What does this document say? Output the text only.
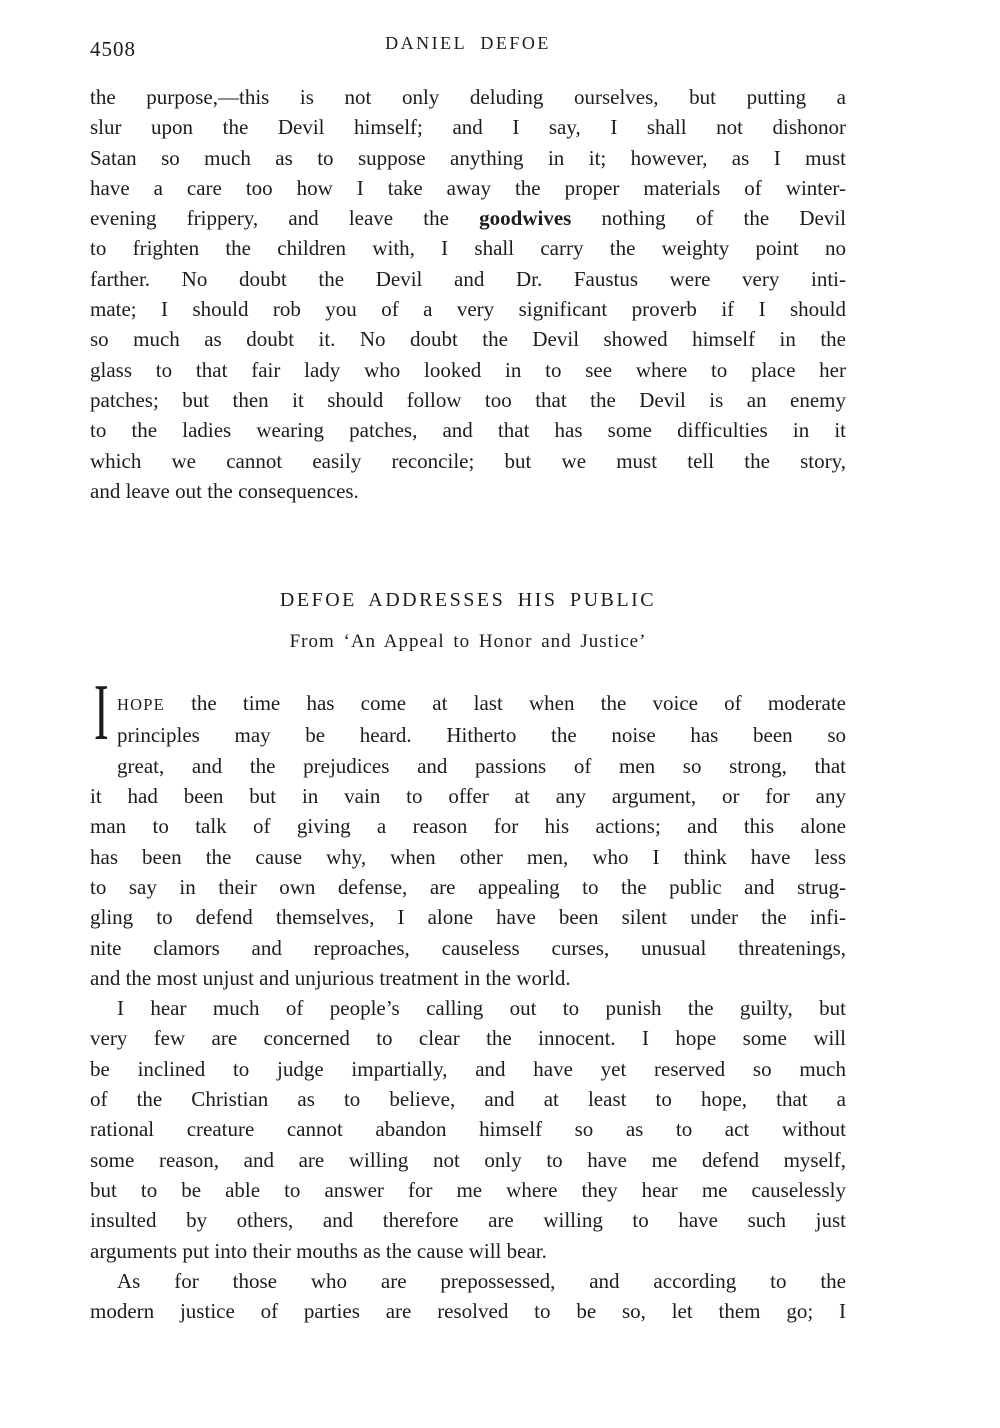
4508	DANIEL DEFOE
the purpose,—this is not only deluding ourselves, but putting a
slur upon the Devil himself; and I say, I shall not dishonor
Satan so much as to suppose anything in it; however, as I must
have a care too how I take away the proper materials of winter-
evening frippery, and leave the goodwives nothing of the Devil
to frighten the children with, I shall carry the weighty point no
farther. No doubt the Devil and Dr. Faustus were very inti-
mate; I should rob you of a very significant proverb if I should
so much as doubt it. No doubt the Devil showed himself in the
glass to that fair lady who looked in to see where to place her
patches; but then it should follow too that the Devil is an enemy
to the ladies wearing patches, and that has some difficulties in it
which we cannot easily reconcile; but we must tell the story,
and leave out the consequences.
DEFOE ADDRESSES HIS PUBLIC
From ‘An Appeal to Honor and Justice’
I HOPE the time has come at last when the voice of moderate
principles may be heard. Hitherto the noise has been so
great, and the prejudices and passions of men so strong, that
it had been but in vain to offer at any argument, or for any
man to talk of giving a reason for his actions; and this alone
has been the cause why, when other men, who I think have less
to say in their own defense, are appealing to the public and strug-
gling to defend themselves, I alone have been silent under the infi-
nite clamors and reproaches, causeless curses, unusual threatenings,
and the most unjust and unjurious treatment in the world.
I hear much of people’s calling out to punish the guilty, but
very few are concerned to clear the innocent. I hope some will
be inclined to judge impartially, and have yet reserved so much
of the Christian as to believe, and at least to hope, that a
rational creature cannot abandon himself so as to act without
some reason, and are willing not only to have me defend myself,
but to be able to answer for me where they hear me causelessly
insulted by others, and therefore are willing to have such just
arguments put into their mouths as the cause will bear.
As for those who are prepossessed, and according to the
modern justice of parties are resolved to be so, let them go; I
